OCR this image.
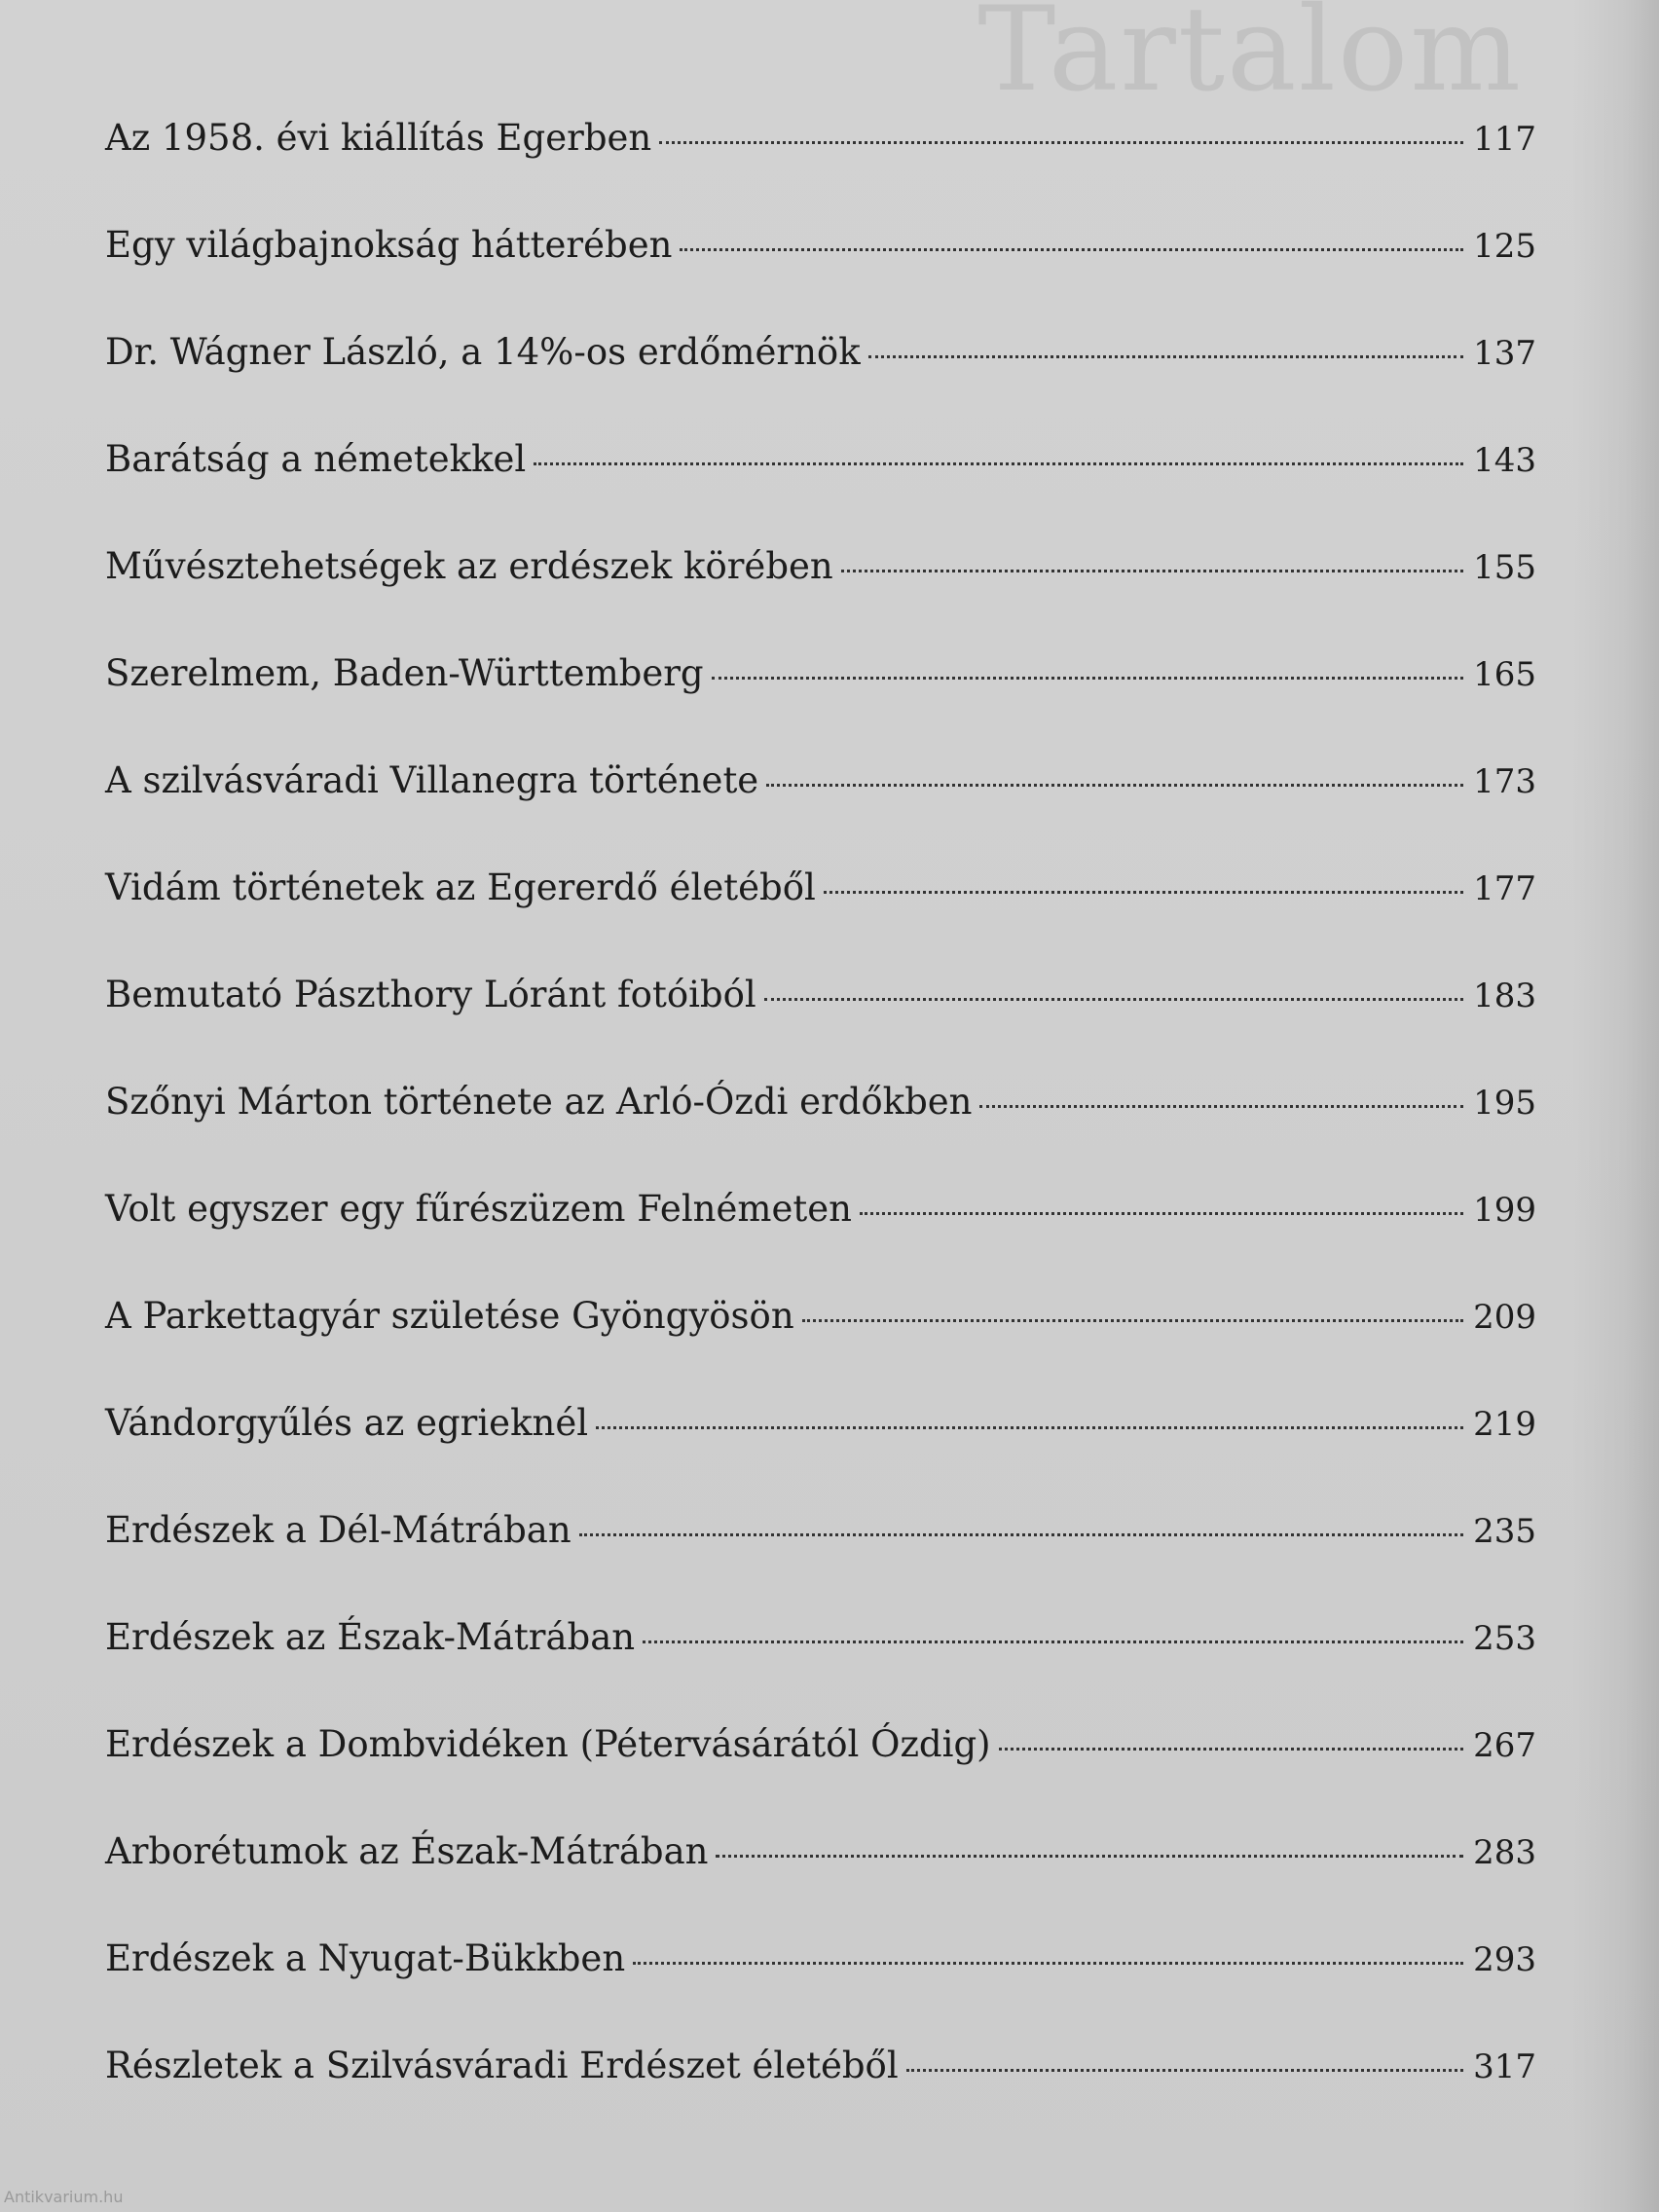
Tartalom
Az 1958. évi kiállítás Egerben	117
Egy világbajnokság hátterében	125
Dr. Wágner László, a 14%-os erdőmérnök	137
Barátság a németekkel	143
Művésztehetségek az erdészek körében	155
Szerelmem, Baden-Württemberg	165
A szilvásváradi Villanegra története	173
Vidám történetek az Egererdő életéből	177
Bemutató Pászthory Lóránt fotóiból	183
Szőnyi Márton története az Arló-Ózdi erdőkben	195
Volt egyszer egy fűrészüzem Felnémeten	199
A Parkettagyár születése Gyöngyösön	209
Vándorgyűlés az egrieknél	219
Erdészek a Dél-Mátrában	235
Erdészek az Észak-Mátrában	253
Erdészek a Dombvidéken (Pétervásárától Ózdig)	267
Arborétumok az Észak-Mátrában	283
Erdészek a Nyugat-Bükkben	293
Részletek a Szilvásváradi Erdészet életéből	317
Antikvarium.hu
